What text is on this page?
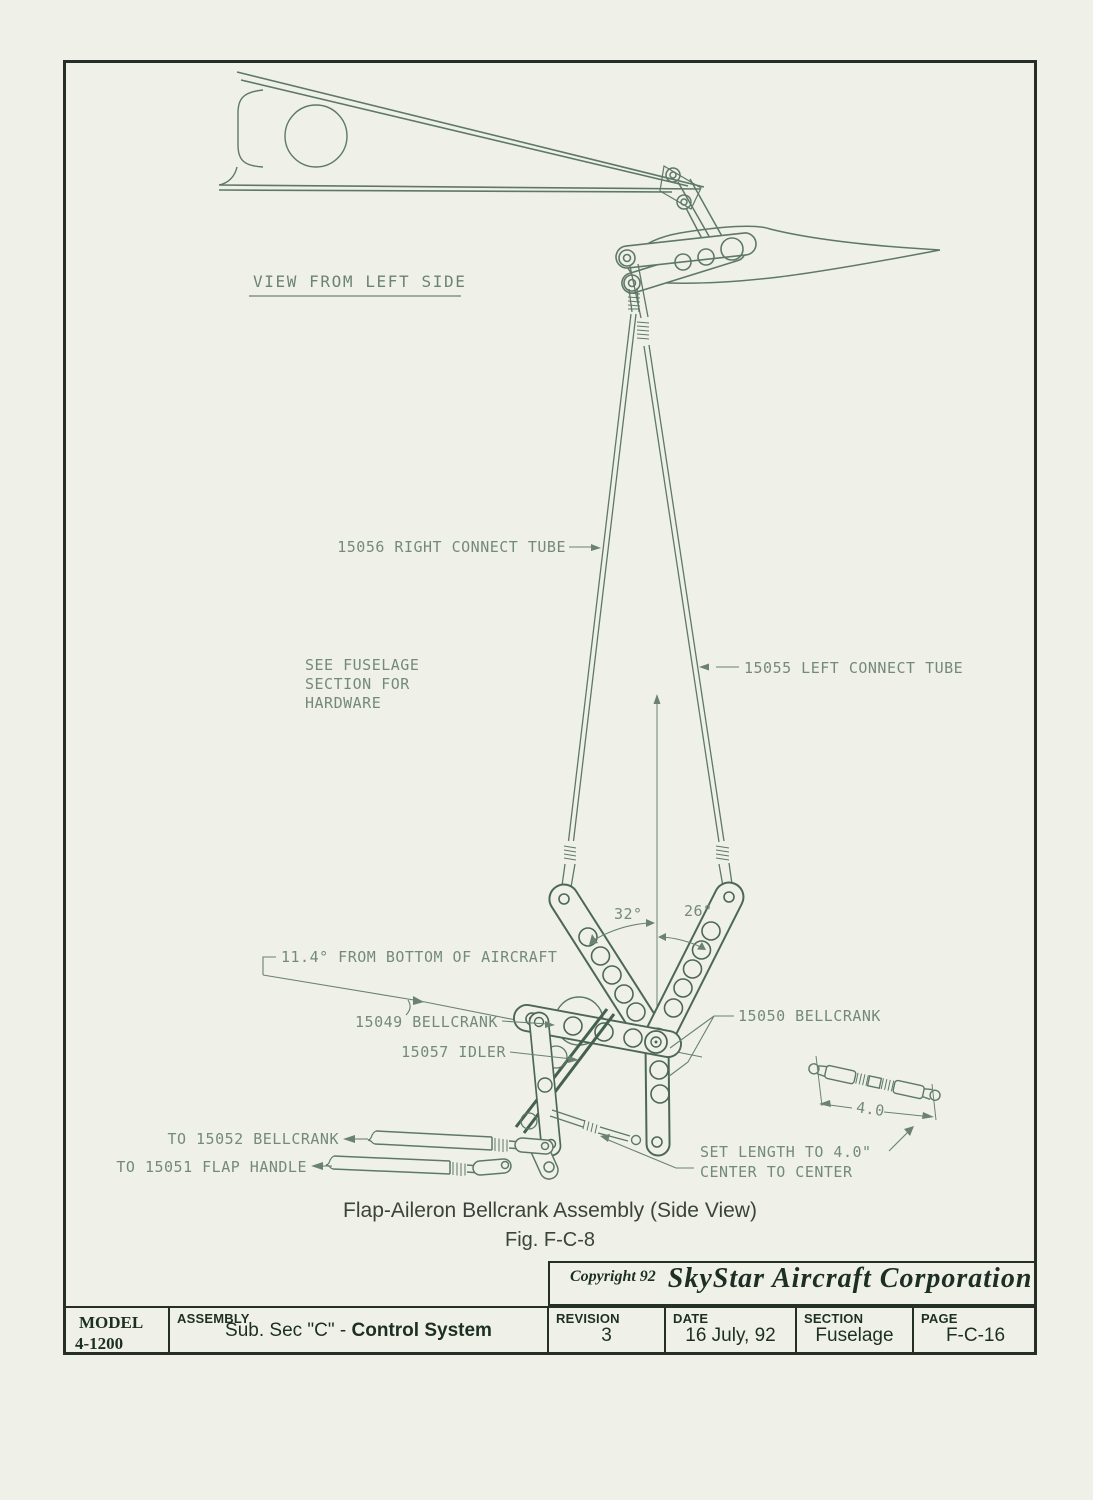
VIEW FROM LEFT SIDE
15056 RIGHT CONNECT TUBE
SEE FUSELAGE
SECTION FOR
HARDWARE
15055 LEFT CONNECT TUBE
32°	26°
11.4° FROM BOTTOM OF AIRCRAFT
15049 BELLCRANK
15057 IDLER
15050 BELLCRANK
TO 15052 BELLCRANK
TO 15051 FLAP HANDLE
SET LENGTH TO 4.0"
CENTER TO CENTER
4.0
Flap-Aileron Bellcrank Assembly (Side View)
Fig. F-C-8
Copyright 92 SkyStar Aircraft Corporation
MODEL
4-1200
ASSEMBLY
Sub. Sec "C" - Control System
REVISION
3
DATE
16 July, 92
SECTION
Fuselage
PAGE
F-C-16
